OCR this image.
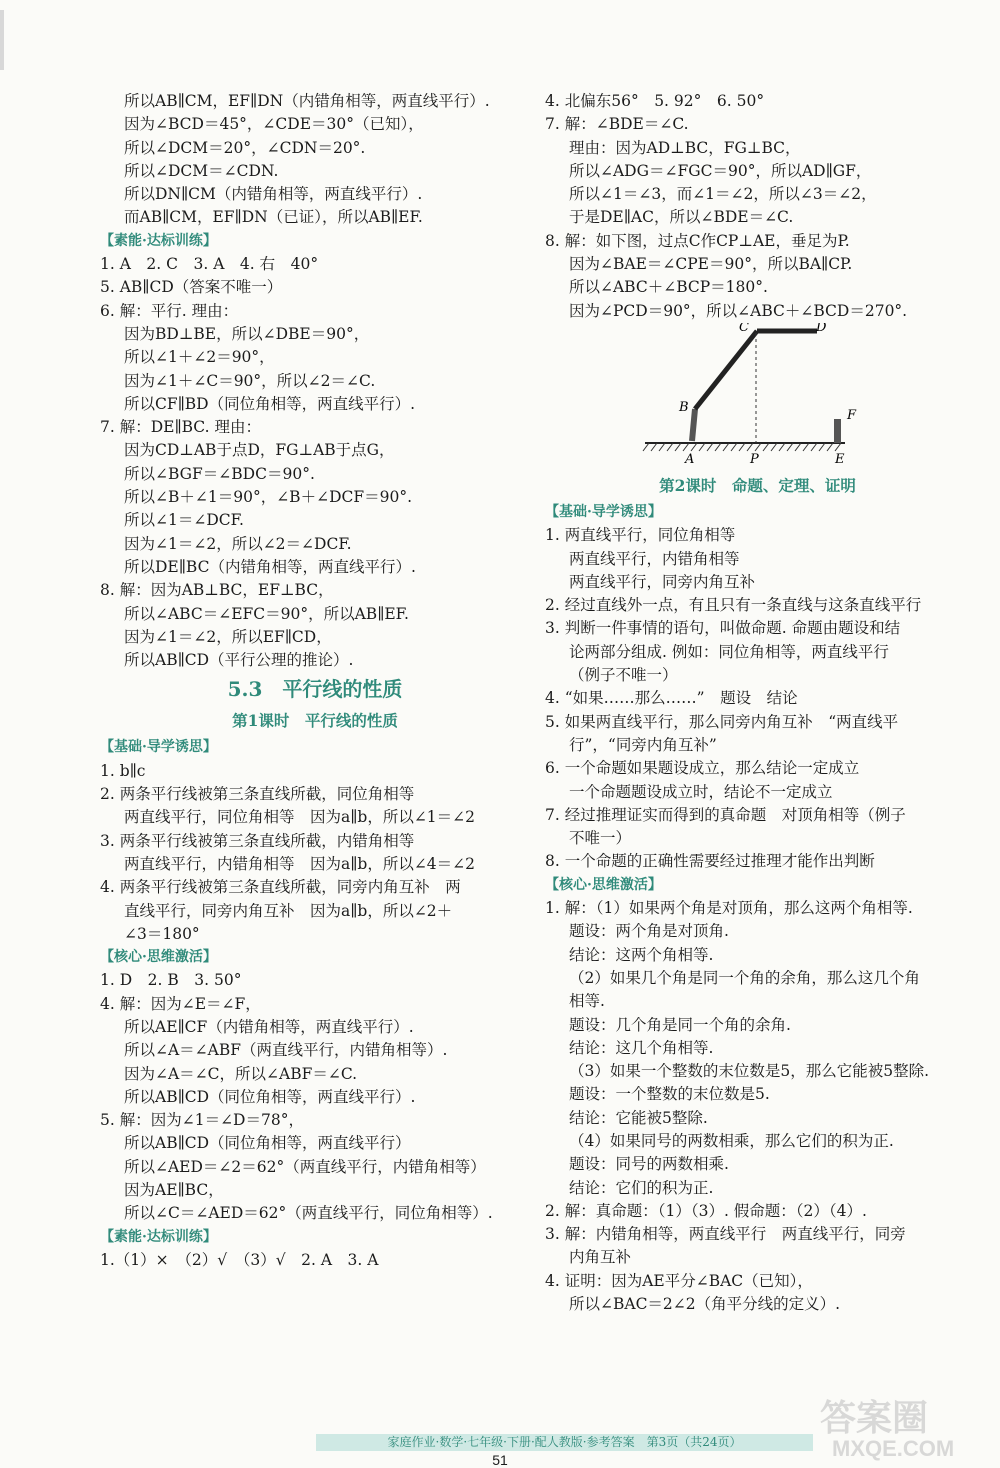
所以AB∥CM，EF∥DN（内错角相等，两直线平行）.
因为∠BCD＝45°，∠CDE＝30°（已知），
所以∠DCM＝20°，∠CDN＝20°.
所以∠DCM＝∠CDN.
所以DN∥CM（内错角相等，两直线平行）.
而AB∥CM，EF∥DN（已证），所以AB∥EF.
【素能·达标训练】
1. A　2. C　3. A　4. 右　40°
5. AB∥CD（答案不唯一）
6. 解：平行. 理由：
因为BD⊥BE，所以∠DBE＝90°，
所以∠1＋∠2＝90°，
因为∠1＋∠C＝90°，所以∠2＝∠C.
所以CF∥BD（同位角相等，两直线平行）.
7. 解：DE∥BC. 理由：
因为CD⊥AB于点D，FG⊥AB于点G，
所以∠BGF＝∠BDC＝90°.
所以∠B＋∠1＝90°，∠B＋∠DCF＝90°.
所以∠1＝∠DCF.
因为∠1＝∠2，所以∠2＝∠DCF.
所以DE∥BC（内错角相等，两直线平行）.
8. 解：因为AB⊥BC，EF⊥BC，
所以∠ABC＝∠EFC＝90°，所以AB∥EF.
因为∠1＝∠2，所以EF∥CD，
所以AB∥CD（平行公理的推论）.
5.3　平行线的性质
第1课时　平行线的性质
【基础·导学诱思】
1. b∥c
2. 两条平行线被第三条直线所截，同位角相等
两直线平行，同位角相等　因为a∥b，所以∠1＝∠2
3. 两条平行线被第三条直线所截，内错角相等
两直线平行，内错角相等　因为a∥b，所以∠4＝∠2
4. 两条平行线被第三条直线所截，同旁内角互补　两
直线平行，同旁内角互补　因为a∥b，所以∠2＋
∠3＝180°
【核心·思维激活】
1. D　2. B　3. 50°
4. 解：因为∠E＝∠F，
所以AE∥CF（内错角相等，两直线平行）.
所以∠A＝∠ABF（两直线平行，内错角相等）.
因为∠A＝∠C，所以∠ABF＝∠C.
所以AB∥CD（同位角相等，两直线平行）.
5. 解：因为∠1＝∠D＝78°，
所以AB∥CD（同位角相等，两直线平行）
所以∠AED＝∠2＝62°（两直线平行，内错角相等）
因为AE∥BC，
所以∠C＝∠AED＝62°（两直线平行，同位角相等）.
【素能·达标训练】
1.（1）×　（2）√　（3）√　2. A　3. A
4. 北偏东56°　5. 92°　6. 50°
7. 解：∠BDE＝∠C.
理由：因为AD⊥BC，FG⊥BC，
所以∠ADG＝∠FGC＝90°，所以AD∥GF，
所以∠1＝∠3，而∠1＝∠2，所以∠3＝∠2，
于是DE∥AC，所以∠BDE＝∠C.
8. 解：如下图，过点C作CP⊥AE，垂足为P.
因为∠BAE＝∠CPE＝90°，所以BA∥CP.
所以∠ABC＋∠BCP＝180°.
因为∠PCD＝90°，所以∠ABC＋∠BCD＝270°.
A
B
C	D
E
F
P
第2课时　命题、定理、证明
【基础·导学诱思】
1. 两直线平行，同位角相等
两直线平行，内错角相等
两直线平行，同旁内角互补
2. 经过直线外一点，有且只有一条直线与这条直线平行
3. 判断一件事情的语句，叫做命题. 命题由题设和结
论两部分组成. 例如：同位角相等，两直线平行
（例子不唯一）
4. “如果……那么……”　题设　结论
5. 如果两直线平行，那么同旁内角互补　“两直线平
行”，“同旁内角互补”
6. 一个命题如果题设成立，那么结论一定成立
一个命题题设成立时，结论不一定成立
7. 经过推理证实而得到的真命题　对顶角相等（例子
不唯一）
8. 一个命题的正确性需要经过推理才能作出判断
【核心·思维激活】
1. 解：（1）如果两个角是对顶角，那么这两个角相等.
题设：两个角是对顶角.
结论：这两个角相等.
（2）如果几个角是同一个角的余角，那么这几个角
相等.
题设：几个角是同一个角的余角.
结论：这几个角相等.
（3）如果一个整数的末位数是5，那么它能被5整除.
题设：一个整数的末位数是5.
结论：它能被5整除.
（4）如果同号的两数相乘，那么它们的积为正.
题设：同号的两数相乘.
结论：它们的积为正.
2. 解：真命题：（1）（3）. 假命题：（2）（4）.
3. 解：内错角相等，两直线平行　两直线平行，同旁
内角互补
4. 证明：因为AE平分∠BAC（已知），
所以∠BAC＝2∠2（角平分线的定义）.
家庭作业·数学·七年级·下册·配人教版·参考答案　第3页（共24页）
51
答案圈
MXQE.COM
